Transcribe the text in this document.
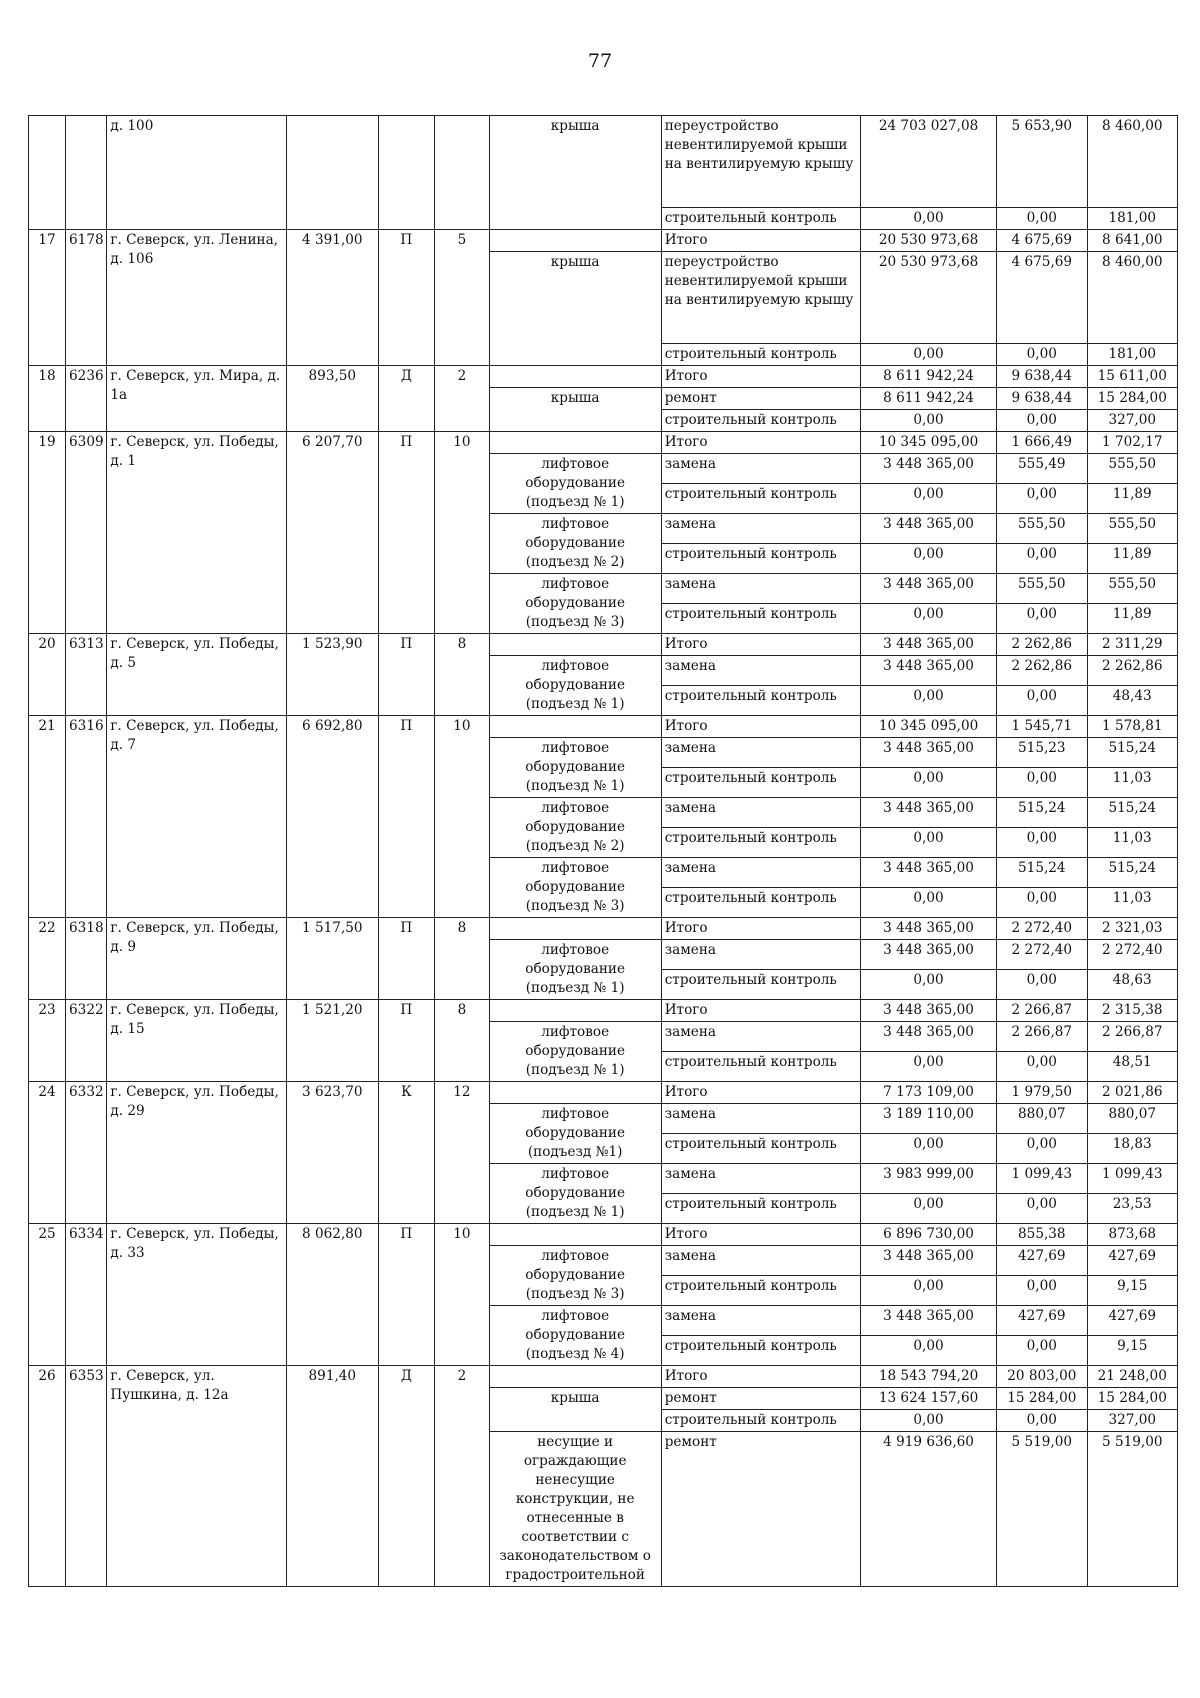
77
		д. 100				крыша	переустройство невентилируемой крыши на вентилируемую крышу	24 703 027,08	5 653,90	8 460,00
							строительный контроль	0,00	0,00	181,00
17	6178	г. Северск, ул. Ленина, д. 106	4 391,00	П	5		Итого	20 530 973,68	4 675,69	8 641,00
						крыша	переустройство невентилируемой крыши на вентилируемую крышу	20 530 973,68	4 675,69	8 460,00
							строительный контроль	0,00	0,00	181,00
18	6236	г. Северск, ул. Мира, д. 1а	893,50	Д	2		Итого	8 611 942,24	9 638,44	15 611,00
						крыша	ремонт	8 611 942,24	9 638,44	15 284,00
							строительный контроль	0,00	0,00	327,00
19	6309	г. Северск, ул. Победы, д. 1	6 207,70	П	10		Итого	10 345 095,00	1 666,49	1 702,17
						лифтовое оборудование (подъезд № 1)	замена	3 448 365,00	555,49	555,50
							строительный контроль	0,00	0,00	11,89
						лифтовое оборудование (подъезд № 2)	замена	3 448 365,00	555,50	555,50
							строительный контроль	0,00	0,00	11,89
						лифтовое оборудование (подъезд № 3)	замена	3 448 365,00	555,50	555,50
							строительный контроль	0,00	0,00	11,89
20	6313	г. Северск, ул. Победы, д. 5	1 523,90	П	8		Итого	3 448 365,00	2 262,86	2 311,29
						лифтовое оборудование (подъезд № 1)	замена	3 448 365,00	2 262,86	2 262,86
							строительный контроль	0,00	0,00	48,43
21	6316	г. Северск, ул. Победы, д. 7	6 692,80	П	10		Итого	10 345 095,00	1 545,71	1 578,81
						лифтовое оборудование (подъезд № 1)	замена	3 448 365,00	515,23	515,24
							строительный контроль	0,00	0,00	11,03
						лифтовое оборудование (подъезд № 2)	замена	3 448 365,00	515,24	515,24
							строительный контроль	0,00	0,00	11,03
						лифтовое оборудование (подъезд № 3)	замена	3 448 365,00	515,24	515,24
							строительный контроль	0,00	0,00	11,03
22	6318	г. Северск, ул. Победы, д. 9	1 517,50	П	8		Итого	3 448 365,00	2 272,40	2 321,03
						лифтовое оборудование (подъезд № 1)	замена	3 448 365,00	2 272,40	2 272,40
							строительный контроль	0,00	0,00	48,63
23	6322	г. Северск, ул. Победы, д. 15	1 521,20	П	8		Итого	3 448 365,00	2 266,87	2 315,38
						лифтовое оборудование (подъезд № 1)	замена	3 448 365,00	2 266,87	2 266,87
							строительный контроль	0,00	0,00	48,51
24	6332	г. Северск, ул. Победы, д. 29	3 623,70	К	12		Итого	7 173 109,00	1 979,50	2 021,86
						лифтовое оборудование (подъезд №1)	замена	3 189 110,00	880,07	880,07
							строительный контроль	0,00	0,00	18,83
						лифтовое оборудование (подъезд № 1)	замена	3 983 999,00	1 099,43	1 099,43
							строительный контроль	0,00	0,00	23,53
25	6334	г. Северск, ул. Победы, д. 33	8 062,80	П	10		Итого	6 896 730,00	855,38	873,68
						лифтовое оборудование (подъезд № 3)	замена	3 448 365,00	427,69	427,69
							строительный контроль	0,00	0,00	9,15
						лифтовое оборудование (подъезд № 4)	замена	3 448 365,00	427,69	427,69
							строительный контроль	0,00	0,00	9,15
26	6353	г. Северск, ул. Пушкина, д. 12а	891,40	Д	2		Итого	18 543 794,20	20 803,00	21 248,00
						крыша	ремонт	13 624 157,60	15 284,00	15 284,00
							строительный контроль	0,00	0,00	327,00
						несущие и ограждающие ненесущие конструкции, не отнесенные в соответствии с законодательством о градостроительной	ремонт	4 919 636,60	5 519,00	5 519,00
